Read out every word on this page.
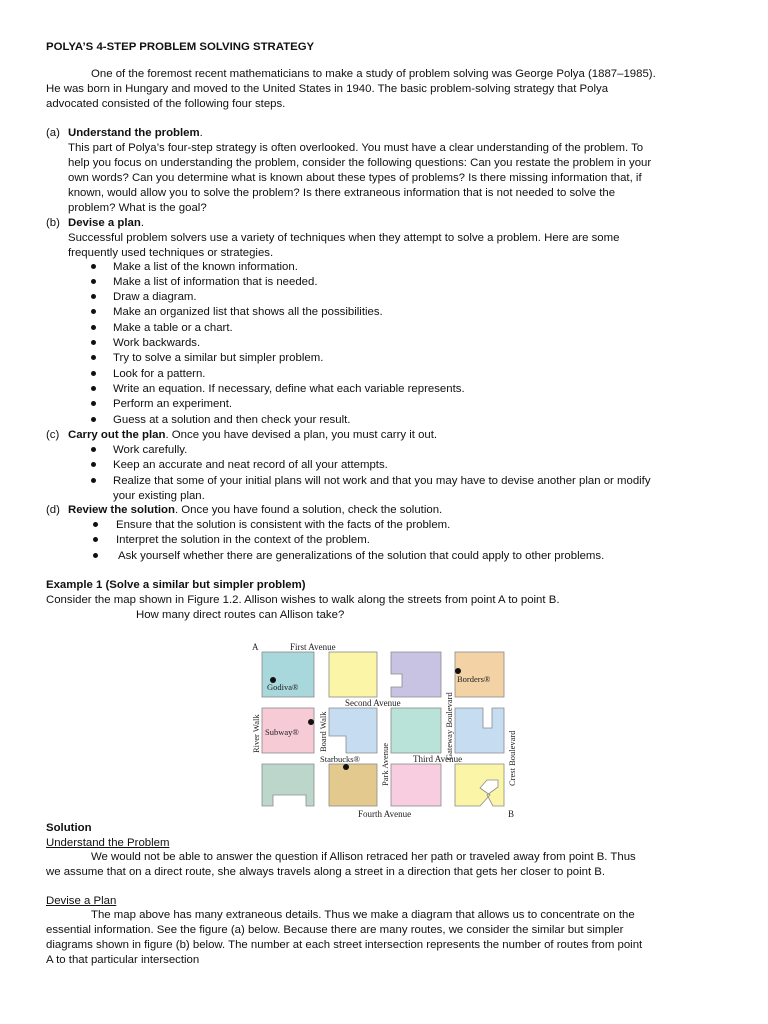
POLYA’S 4-STEP PROBLEM SOLVING STRATEGY
One of the foremost recent mathematicians to make a study of problem solving was George Polya (1887–1985).
He was born in Hungary and moved to the United States in 1940. The basic problem-solving strategy that Polya
advocated consisted of the following four steps.
(a) Understand the problem.
This part of Polya’s four-step strategy is often overlooked. You must have a clear understanding of the problem. To
help you focus on understanding the problem, consider the following questions: Can you restate the problem in your
own words? Can you determine what is known about these types of problems? Is there missing information that, if
known, would allow you to solve the problem? Is there extraneous information that is not needed to solve the
problem? What is the goal?
(b) Devise a plan.
Successful problem solvers use a variety of techniques when they attempt to solve a problem. Here are some
frequently used techniques or strategies.
Make a list of the known information.
Make a list of information that is needed.
Draw a diagram.
Make an organized list that shows all the possibilities.
Make a table or a chart.
Work backwards.
Try to solve a similar but simpler problem.
Look for a pattern.
Write an equation. If necessary, define what each variable represents.
Perform an experiment.
Guess at a solution and then check your result.
(c) Carry out the plan. Once you have devised a plan, you must carry it out.
Work carefully.
Keep an accurate and neat record of all your attempts.
Realize that some of your initial plans will not work and that you may have to devise another plan or modify
your existing plan.
(d) Review the solution. Once you have found a solution, check the solution.
Ensure that the solution is consistent with the facts of the problem.
Interpret the solution in the context of the problem.
Ask yourself whether there are generalizations of the solution that could apply to other problems.
Example 1 (Solve a similar but simpler problem)
Consider the map shown in Figure 1.2. Allison wishes to walk along the streets from point A to point B.
How many direct routes can Allison take?
A	First Avenue
Godiva®
Borders®
Second Avenue
Subway®
Starbucks®	Third Avenue
Fourth Avenue	B
River Walk	Board Walk
Park Avenue
Gateway Boulevard	Crest Boulevard
Solution
Understand the Problem
We would not be able to answer the question if Allison retraced her path or traveled away from point B. Thus
we assume that on a direct route, she always travels along a street in a direction that gets her closer to point B.
Devise a Plan
The map above has many extraneous details. Thus we make a diagram that allows us to concentrate on the
essential information. See the figure (a) below. Because there are many routes, we consider the similar but simpler
diagrams shown in figure (b) below. The number at each street intersection represents the number of routes from point
A to that particular intersection
